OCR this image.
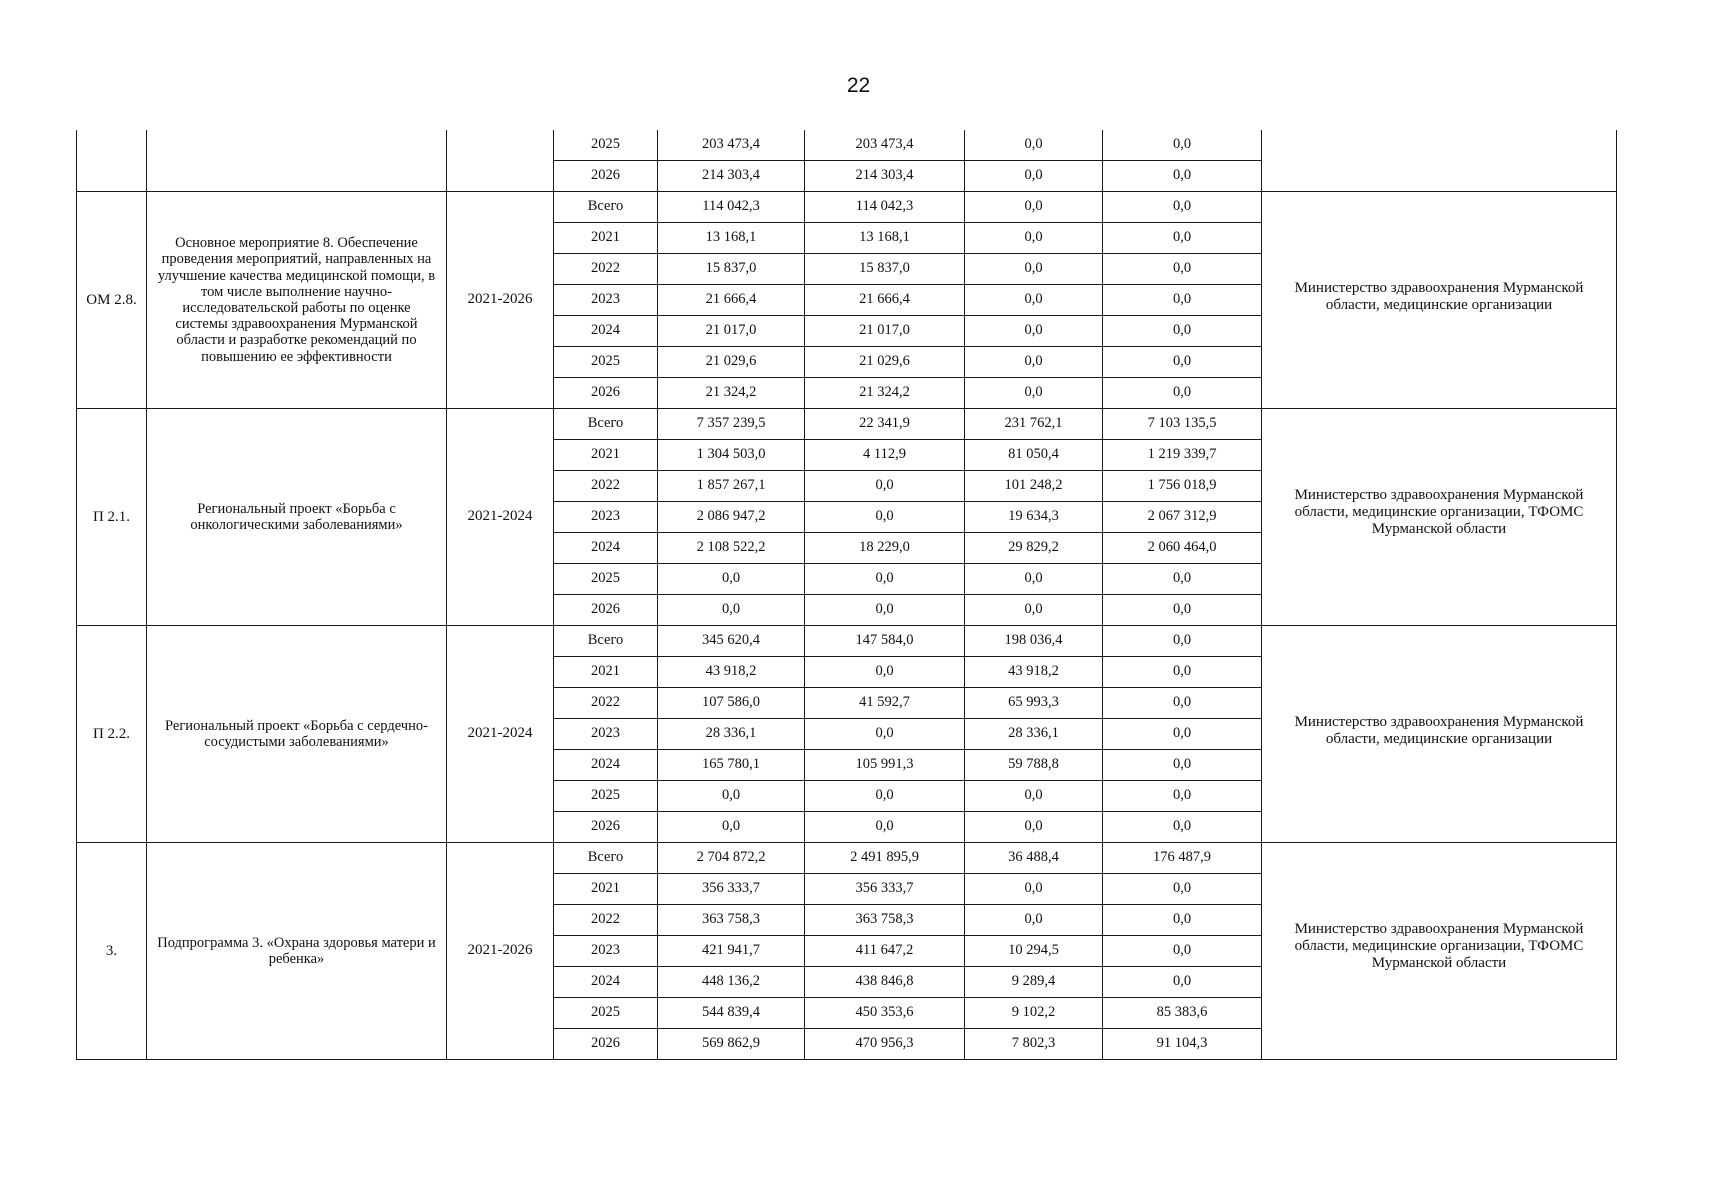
22
			2025	203 473,4	203 473,4	0,0	0,0	

			2026	214 303,4	214 303,4	0,0	0,0	
ОМ 2.8.	Основное мероприятие 8. Обеспечение проведения мероприятий, направленных на улучшение качества медицинской помощи, в том числе выполнение научно-исследовательской работы по оценке системы здравоохранения Мурманской области и разработке рекомендаций по повышению ее эффективности	2021-2026	Всего	114 042,3	114 042,3	0,0	0,0	Министерство здравоохранения Мурманской области, медицинские организации

			2021	13 168,1	13 168,1	0,0	0,0	
			2022	15 837,0	15 837,0	0,0	0,0	
			2023	21 666,4	21 666,4	0,0	0,0	
			2024	21 017,0	21 017,0	0,0	0,0	
			2025	21 029,6	21 029,6	0,0	0,0	
			2026	21 324,2	21 324,2	0,0	0,0	
П 2.1.	Региональный проект «Борьба с онкологическими заболеваниями»	2021-2024	Всего	7 357 239,5	22 341,9	231 762,1	7 103 135,5	Министерство здравоохранения Мурманской области, медицинские организации, ТФОМС Мурманской области

			2021	1 304 503,0	4 112,9	81 050,4	1 219 339,7	
			2022	1 857 267,1	0,0	101 248,2	1 756 018,9	
			2023	2 086 947,2	0,0	19 634,3	2 067 312,9	
			2024	2 108 522,2	18 229,0	29 829,2	2 060 464,0	
			2025	0,0	0,0	0,0	0,0	
			2026	0,0	0,0	0,0	0,0	
П 2.2.	Региональный проект «Борьба с сердечно-сосудистыми заболеваниями»	2021-2024	Всего	345 620,4	147 584,0	198 036,4	0,0	Министерство здравоохранения Мурманской области, медицинские организации

			2021	43 918,2	0,0	43 918,2	0,0	
			2022	107 586,0	41 592,7	65 993,3	0,0	
			2023	28 336,1	0,0	28 336,1	0,0	
			2024	165 780,1	105 991,3	59 788,8	0,0	
			2025	0,0	0,0	0,0	0,0	
			2026	0,0	0,0	0,0	0,0	
3.	Подпрограмма 3. «Охрана здоровья матери и ребенка»	2021-2026	Всего	2 704 872,2	2 491 895,9	36 488,4	176 487,9	Министерство здравоохранения Мурманской области, медицинские организации, ТФОМС Мурманской области

			2021	356 333,7	356 333,7	0,0	0,0	
			2022	363 758,3	363 758,3	0,0	0,0	
			2023	421 941,7	411 647,2	10 294,5	0,0	
			2024	448 136,2	438 846,8	9 289,4	0,0	
			2025	544 839,4	450 353,6	9 102,2	85 383,6	
			2026	569 862,9	470 956,3	7 802,3	91 104,3	
